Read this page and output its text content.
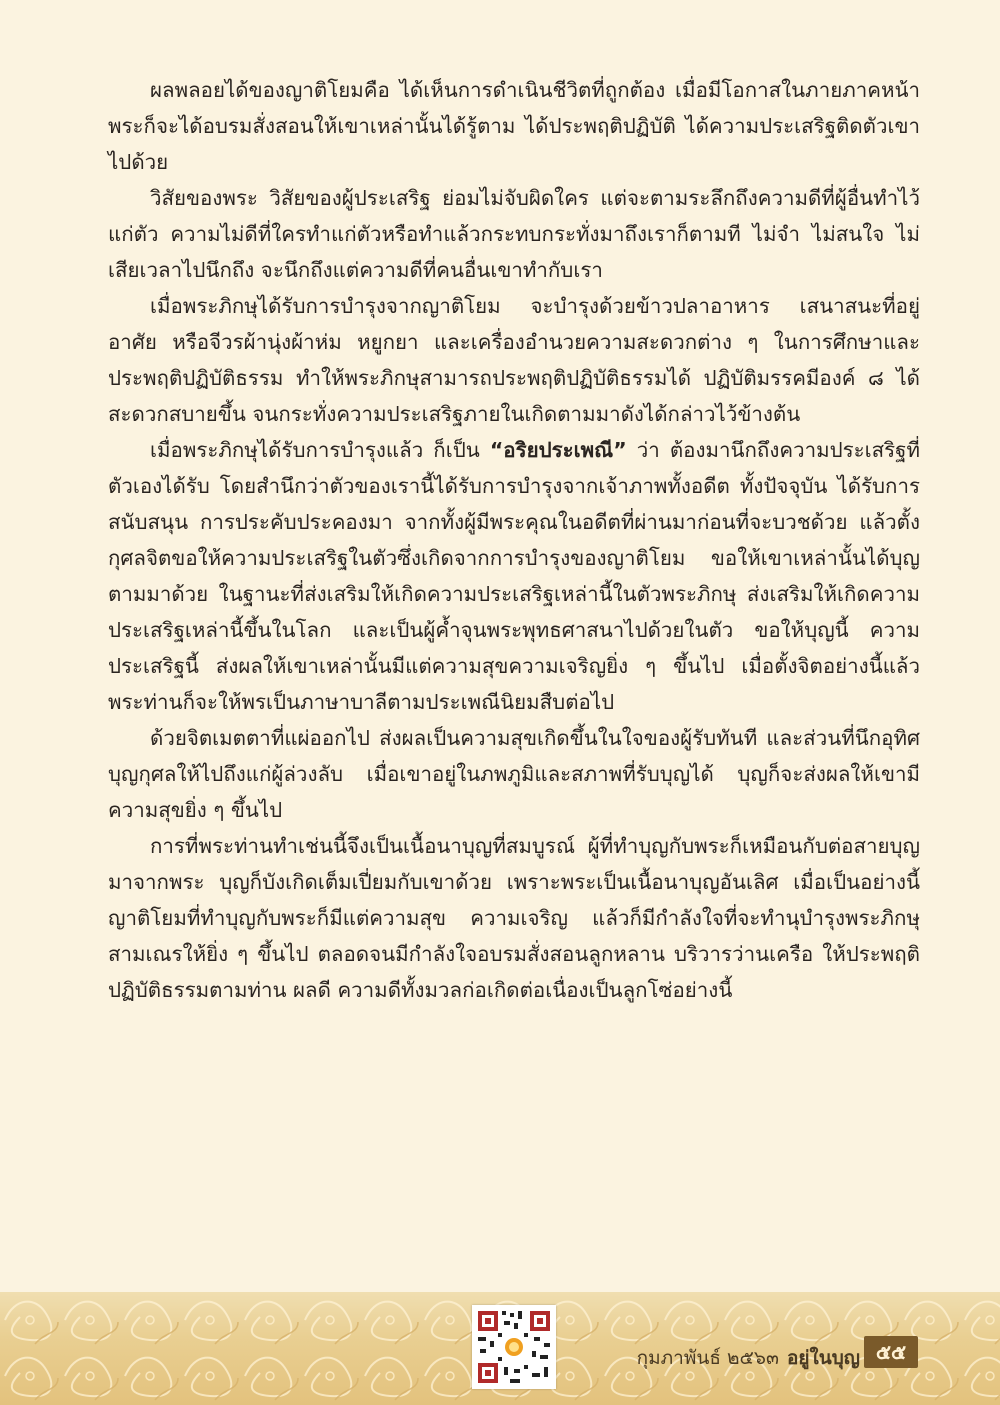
ผลพลอยได้ของญาติโยมคือ ได้เห็นการดำเนินชีวิตที่ถูกต้อง เมื่อมีโอกาสในภายภาคหน้าพระก็จะได้อบรมสั่งสอนให้เขาเหล่านั้นได้รู้ตาม ได้ประพฤติปฏิบัติ ได้ความประเสริฐติดตัวเขาไปด้วย

วิสัยของพระ วิสัยของผู้ประเสริฐ ย่อมไม่จับผิดใคร แต่จะตามระลึกถึงความดีที่ผู้อื่นทำไว้แก่ตัว ความไม่ดีที่ใครทำแก่ตัวหรือทำแล้วกระทบกระทั่งมาถึงเราก็ตามที ไม่จำ ไม่สนใจ ไม่เสียเวลาไปนึกถึง จะนึกถึงแต่ความดีที่คนอื่นเขาทำกับเรา

เมื่อพระภิกษุได้รับการบำรุงจากญาติโยม จะบำรุงด้วยข้าวปลาอาหาร เสนาสนะที่อยู่อาศัย หรือจีวรผ้านุ่งผ้าห่ม หยูกยา และเครื่องอำนวยความสะดวกต่าง ๆ ในการศึกษาและประพฤติปฏิบัติธรรม ทำให้พระภิกษุสามารถประพฤติปฏิบัติธรรมได้ ปฏิบัติมรรคมีองค์ ๘ ได้สะดวกสบายขึ้น จนกระทั่งความประเสริฐภายในเกิดตามมาดังได้กล่าวไว้ข้างต้น

เมื่อพระภิกษุได้รับการบำรุงแล้ว ก็เป็น “อริยประเพณี” ว่า ต้องมานึกถึงความประเสริฐที่ตัวเองได้รับ โดยสำนึกว่าตัวของเรานี้ได้รับการบำรุงจากเจ้าภาพทั้งอดีต ทั้งปัจจุบัน ได้รับการสนับสนุน การประคับประคองมา จากทั้งผู้มีพระคุณในอดีตที่ผ่านมาก่อนที่จะบวชด้วย แล้วตั้งกุศลจิตขอให้ความประเสริฐในตัวซึ่งเกิดจากการบำรุงของญาติโยม ขอให้เขาเหล่านั้นได้บุญตามมาด้วย ในฐานะที่ส่งเสริมให้เกิดความประเสริฐเหล่านี้ในตัวพระภิกษุ ส่งเสริมให้เกิดความประเสริฐเหล่านี้ขึ้นในโลก และเป็นผู้ค้ำจุนพระพุทธศาสนาไปด้วยในตัว ขอให้บุญนี้ ความประเสริฐนี้ ส่งผลให้เขาเหล่านั้นมีแต่ความสุขความเจริญยิ่ง ๆ ขึ้นไป เมื่อตั้งจิตอย่างนี้แล้ว พระท่านก็จะให้พรเป็นภาษาบาลีตามประเพณีนิยมสืบต่อไป

ด้วยจิตเมตตาที่แผ่ออกไป ส่งผลเป็นความสุขเกิดขึ้นในใจของผู้รับทันที และส่วนที่นึกอุทิศบุญกุศลให้ไปถึงแก่ผู้ล่วงลับ เมื่อเขาอยู่ในภพภูมิและสภาพที่รับบุญได้ บุญก็จะส่งผลให้เขามีความสุขยิ่ง ๆ ขึ้นไป

การที่พระท่านทำเช่นนี้จึงเป็นเนื้อนาบุญที่สมบูรณ์ ผู้ที่ทำบุญกับพระก็เหมือนกับต่อสายบุญมาจากพระ บุญก็บังเกิดเต็มเปี่ยมกับเขาด้วย เพราะพระเป็นเนื้อนาบุญอันเลิศ เมื่อเป็นอย่างนี้ญาติโยมที่ทำบุญกับพระก็มีแต่ความสุข ความเจริญ แล้วก็มีกำลังใจที่จะทำนุบำรุงพระภิกษุสามเณรให้ยิ่ง ๆ ขึ้นไป ตลอดจนมีกำลังใจอบรมสั่งสอนลูกหลาน บริวารว่านเครือ ให้ประพฤติปฏิบัติธรรมตามท่าน ผลดี ความดีทั้งมวลก่อเกิดต่อเนื่องเป็นลูกโซ่อย่างนี้

กุมภาพันธ์ ๒๕๖๓ อยู่ในบุญ ๕๕
